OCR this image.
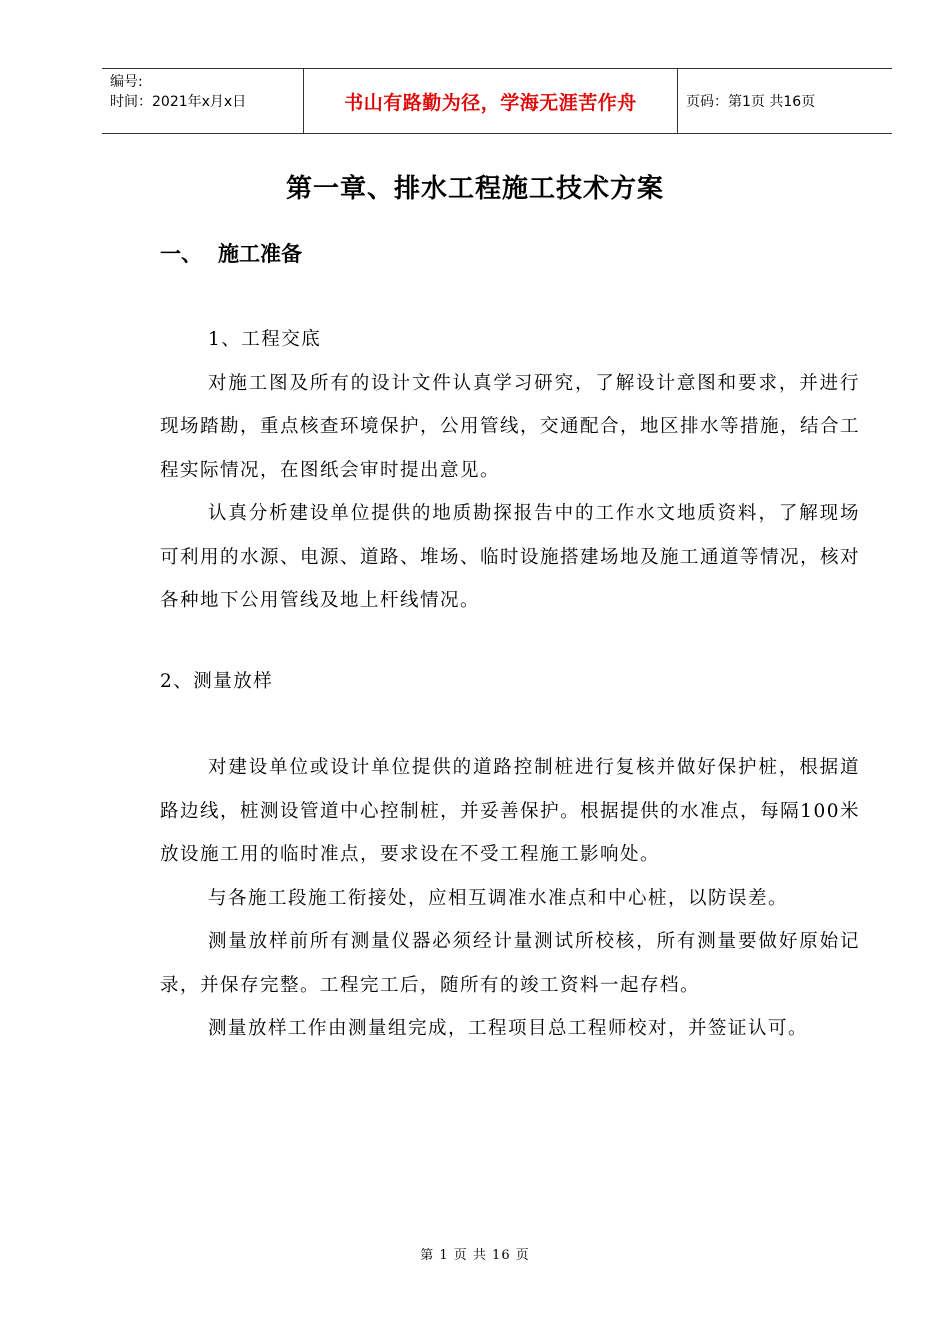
编号:
时间：2021年x月x日	书山有路勤为径，学海无涯苦作舟	页码：第1页 共16页
第一章、排水工程施工技术方案
一、 施工准备

1、工程交底

对施工图及所有的设计文件认真学习研究，了解设计意图和要求，并进行现场踏勘，重点核查环境保护，公用管线，交通配合，地区排水等措施，结合工程实际情况，在图纸会审时提出意见。

认真分析建设单位提供的地质勘探报告中的工作水文地质资料，了解现场可利用的水源、电源、道路、堆场、临时设施搭建场地及施工通道等情况，核对各种地下公用管线及地上杆线情况。

2、测量放样

对建设单位或设计单位提供的道路控制桩进行复核并做好保护桩，根据道路边线，桩测设管道中心控制桩，并妥善保护。根据提供的水准点，每隔100米放设施工用的临时准点，要求设在不受工程施工影响处。

与各施工段施工衔接处，应相互调准水准点和中心桩，以防误差。

测量放样前所有测量仪器必须经计量测试所校核，所有测量要做好原始记录，并保存完整。工程完工后，随所有的竣工资料一起存档。

测量放样工作由测量组完成，工程项目总工程师校对，并签证认可。

第 1 页 共 16 页
